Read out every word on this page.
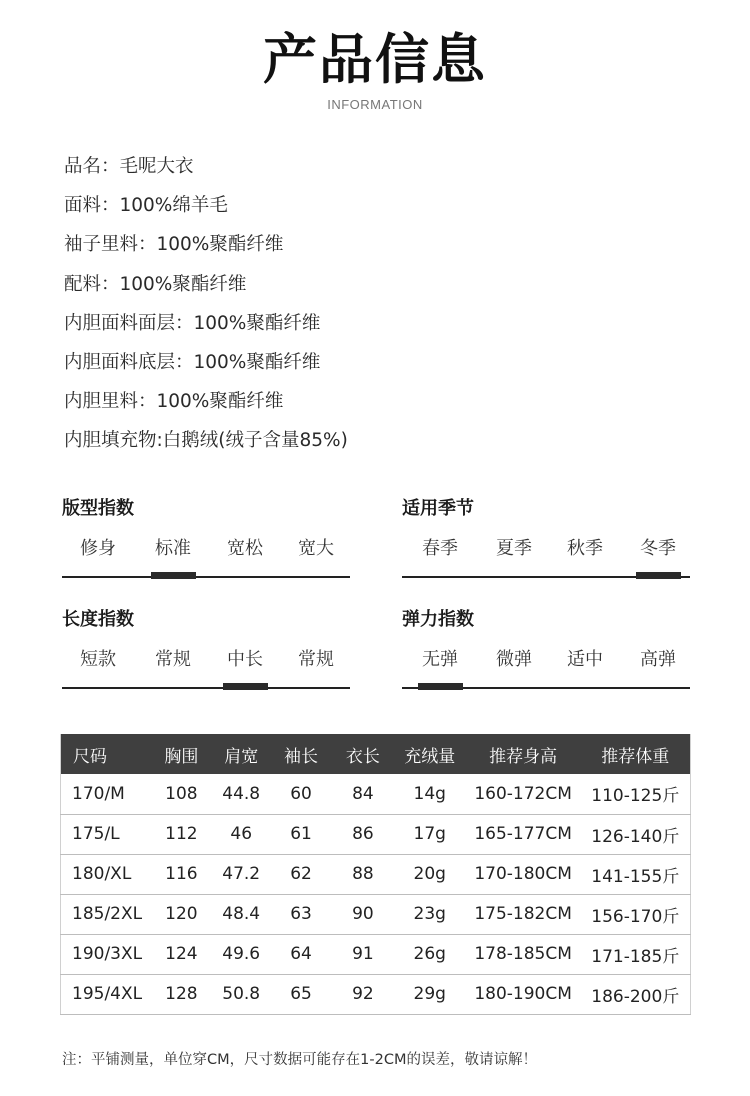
产品信息
INFORMATION
品名：毛呢大衣
面料：100%绵羊毛
袖子里料：100%聚酯纤维
配料：100%聚酯纤维
内胆面料面层：100%聚酯纤维
内胆面料底层：100%聚酯纤维
内胆里料：100%聚酯纤维
内胆填充物:白鹅绒(绒子含量85%)
版型指数
修身	标准	宽松	宽大
适用季节
春季	夏季	秋季	冬季
长度指数
短款	常规	中长	常规
弹力指数
无弹	微弹	适中	高弹
尺码	胸围	肩宽	袖长	衣长	充绒量	推荐身高	推荐体重
170/M	108	44.8	60	84	14g	160-172CM	110-125斤
175/L	112	46	61	86	17g	165-177CM	126-140斤
180/XL	116	47.2	62	88	20g	170-180CM	141-155斤
185/2XL	120	48.4	63	90	23g	175-182CM	156-170斤
190/3XL	124	49.6	64	91	26g	178-185CM	171-185斤
195/4XL	128	50.8	65	92	29g	180-190CM	186-200斤
注：平铺测量，单位穿CM，尺寸数据可能存在1-2CM的误差，敬请谅解！
